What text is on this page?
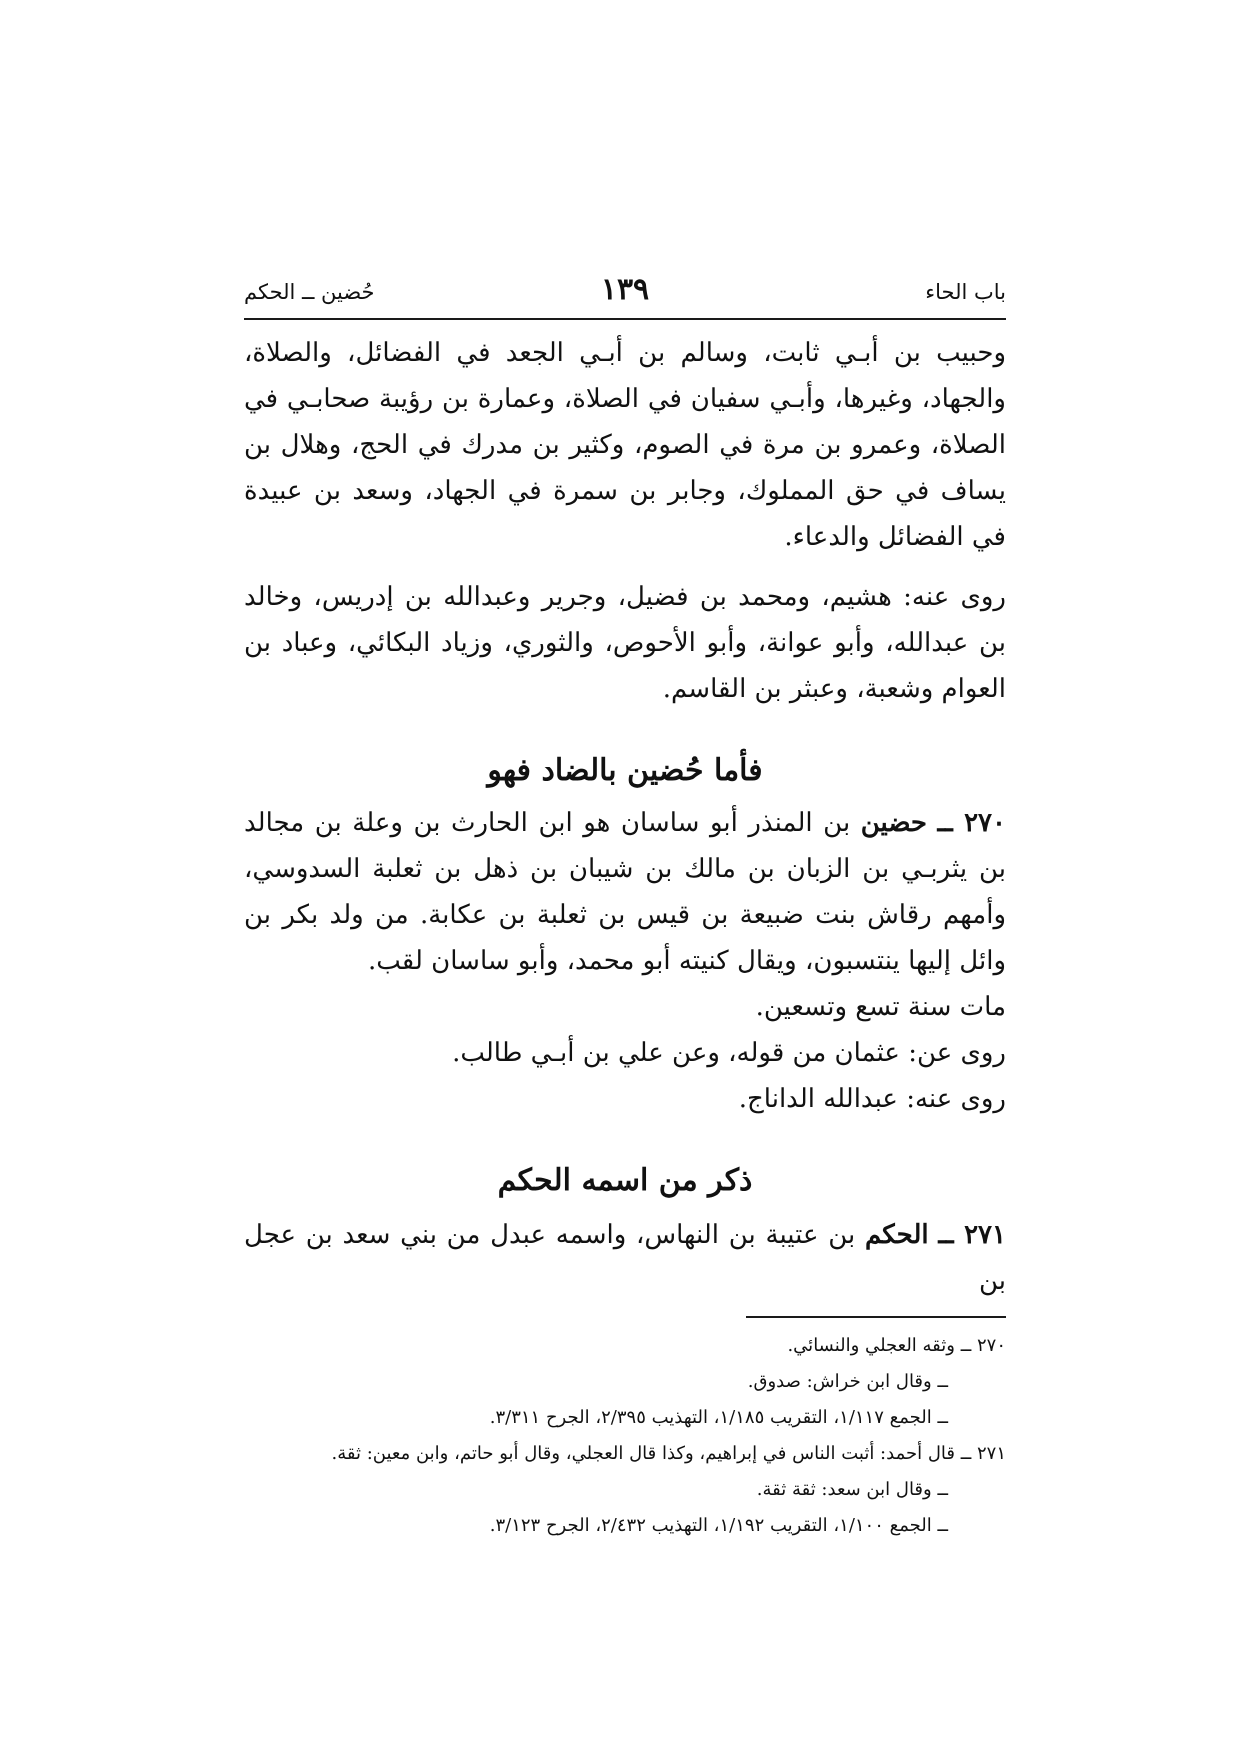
باب الحاء
١٣٩
حُضين ــ الحكم

وحبيب بن أبـي ثابت، وسالم بن أبـي الجعد في الفضائل، والصلاة، والجهاد، وغيرها، وأبـي سفيان في الصلاة، وعمارة بن رؤيبة صحابـي في الصلاة، وعمرو بن مرة في الصوم، وكثير بن مدرك في الحج، وهلال بن يساف في حق المملوك، وجابر بن سمرة في الجهاد، وسعد بن عبيدة في الفضائل والدعاء.

روى عنه: هشيم، ومحمد بن فضيل، وجرير وعبدالله بن إدريس، وخالد بن عبدالله، وأبو عوانة، وأبو الأحوص، والثوري، وزياد البكائي، وعباد بن العوام وشعبة، وعبثر بن القاسم.

فأما حُضين بالضاد فهو

٢٧٠ ــ حضين بن المنذر أبو ساسان هو ابن الحارث بن وعلة بن مجالد بن يثربـي بن الزبان بن مالك بن شيبان بن ذهل بن ثعلبة السدوسي، وأمهم رقاش بنت ضبيعة بن قيس بن ثعلبة بن عكابة. من ولد بكر بن وائل إليها ينتسبون، ويقال كنيته أبو محمد، وأبو ساسان لقب.

مات سنة تسع وتسعين.

روى عن: عثمان من قوله، وعن علي بن أبـي طالب.

روى عنه: عبدالله الداناج.

ذكر من اسمه الحكم

٢٧١ ــ الحكم بن عتيبة بن النهاس، واسمه عبدل من بني سعد بن عجل بن

٢٧٠ ــ وثقه العجلي والنسائي.

ــ وقال ابن خراش: صدوق.

ــ الجمع ١/١١٧، التقريب ١/١٨٥، التهذيب ٢/٣٩٥، الجرح ٣/٣١١.

٢٧١ ــ قال أحمد: أثبت الناس في إبراهيم، وكذا قال العجلي، وقال أبو حاتم، وابن معين: ثقة.

ــ وقال ابن سعد: ثقة ثقة.

ــ الجمع ١/١٠٠، التقريب ١/١٩٢، التهذيب ٢/٤٣٢، الجرح ٣/١٢٣.
